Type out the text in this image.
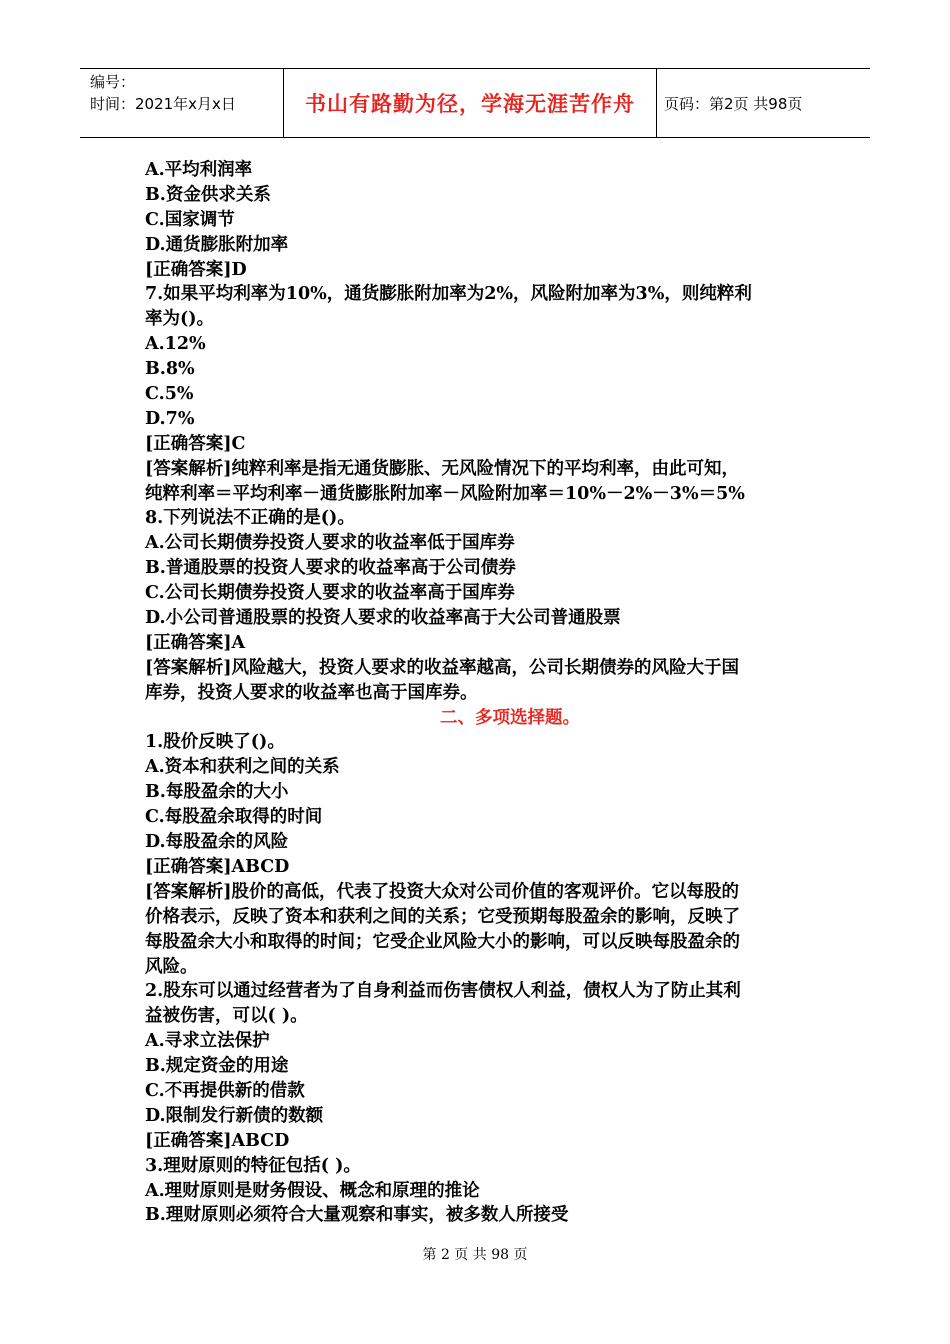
编号：
时间：2021年x月x日	书山有路勤为径，学海无涯苦作舟	页码：第2页 共98页
A.平均利润率
B.资金供求关系
C.国家调节
D.通货膨胀附加率
[正确答案]D
7.如果平均利率为10%，通货膨胀附加率为2%，风险附加率为3%，则纯粹利
率为()。
A.12%
B.8%
C.5%
D.7%
[正确答案]C
[答案解析]纯粹利率是指无通货膨胀、无风险情况下的平均利率，由此可知，
纯粹利率＝平均利率－通货膨胀附加率－风险附加率＝10%－2%－3%＝5%
8.下列说法不正确的是()。
A.公司长期债券投资人要求的收益率低于国库券
B.普通股票的投资人要求的收益率高于公司债券
C.公司长期债券投资人要求的收益率高于国库券
D.小公司普通股票的投资人要求的收益率高于大公司普通股票
[正确答案]A
[答案解析]风险越大，投资人要求的收益率越高，公司长期债券的风险大于国
库券，投资人要求的收益率也高于国库券。
二、多项选择题。
1.股价反映了()。
A.资本和获利之间的关系
B.每股盈余的大小
C.每股盈余取得的时间
D.每股盈余的风险
[正确答案]ABCD
[答案解析]股价的高低，代表了投资大众对公司价值的客观评价。它以每股的
价格表示，反映了资本和获利之间的关系；它受预期每股盈余的影响，反映了
每股盈余大小和取得的时间；它受企业风险大小的影响，可以反映每股盈余的
风险。
2.股东可以通过经营者为了自身利益而伤害债权人利益，债权人为了防止其利
益被伤害，可以( )。
A.寻求立法保护
B.规定资金的用途
C.不再提供新的借款
D.限制发行新债的数额
[正确答案]ABCD
3.理财原则的特征包括( )。
A.理财原则是财务假设、概念和原理的推论
B.理财原则必须符合大量观察和事实，被多数人所接受
第 2 页 共 98 页
